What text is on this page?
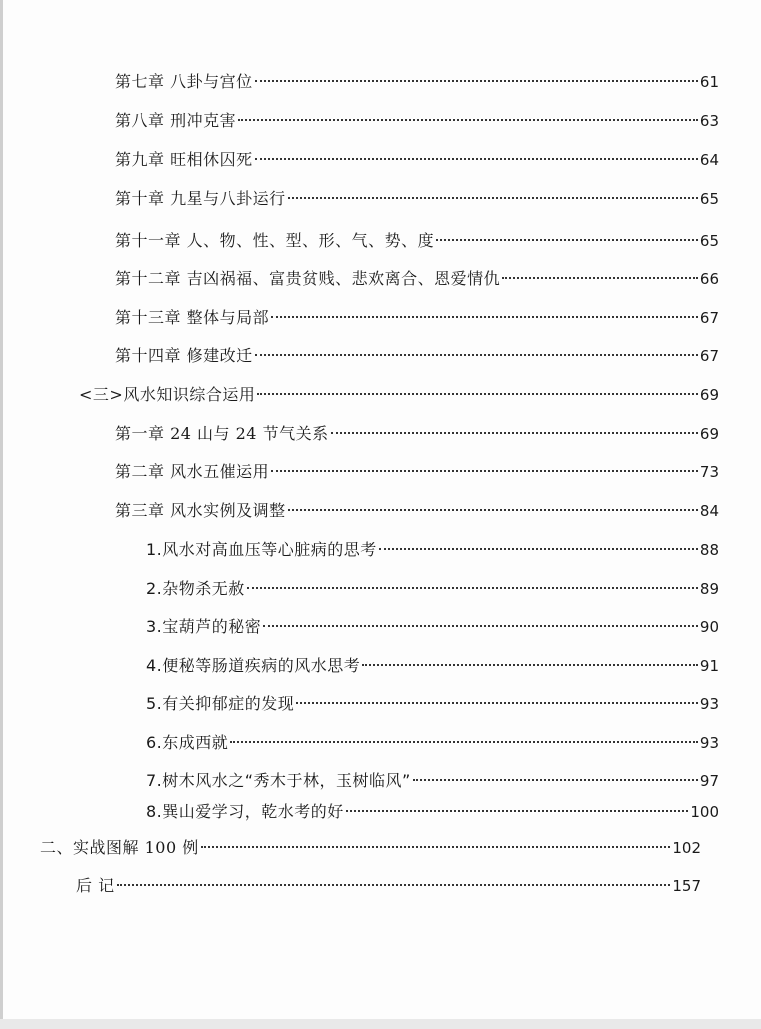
第七章 八卦与宫位	61
第八章 刑冲克害	63
第九章 旺相休囚死	64
第十章 九星与八卦运行	65
第十一章 人、物、性、型、形、气、势、度	65
第十二章 吉凶祸福、富贵贫贱、悲欢离合、恩爱情仇	66
第十三章 整体与局部	67
第十四章 修建改迁	67
<三>风水知识综合运用	69
第一章 24 山与 24 节气关系	69
第二章 风水五催运用	73
第三章 风水实例及调整	84
1.风水对高血压等心脏病的思考	88
2.杂物杀无赦	89
3.宝葫芦的秘密	90
4.便秘等肠道疾病的风水思考	91
5.有关抑郁症的发现	93
6.东成西就	93
7.树木风水之“秀木于林，玉树临风”	97
8.巽山爱学习，乾水考的好	100
二、实战图解 100 例	102
后 记	157
